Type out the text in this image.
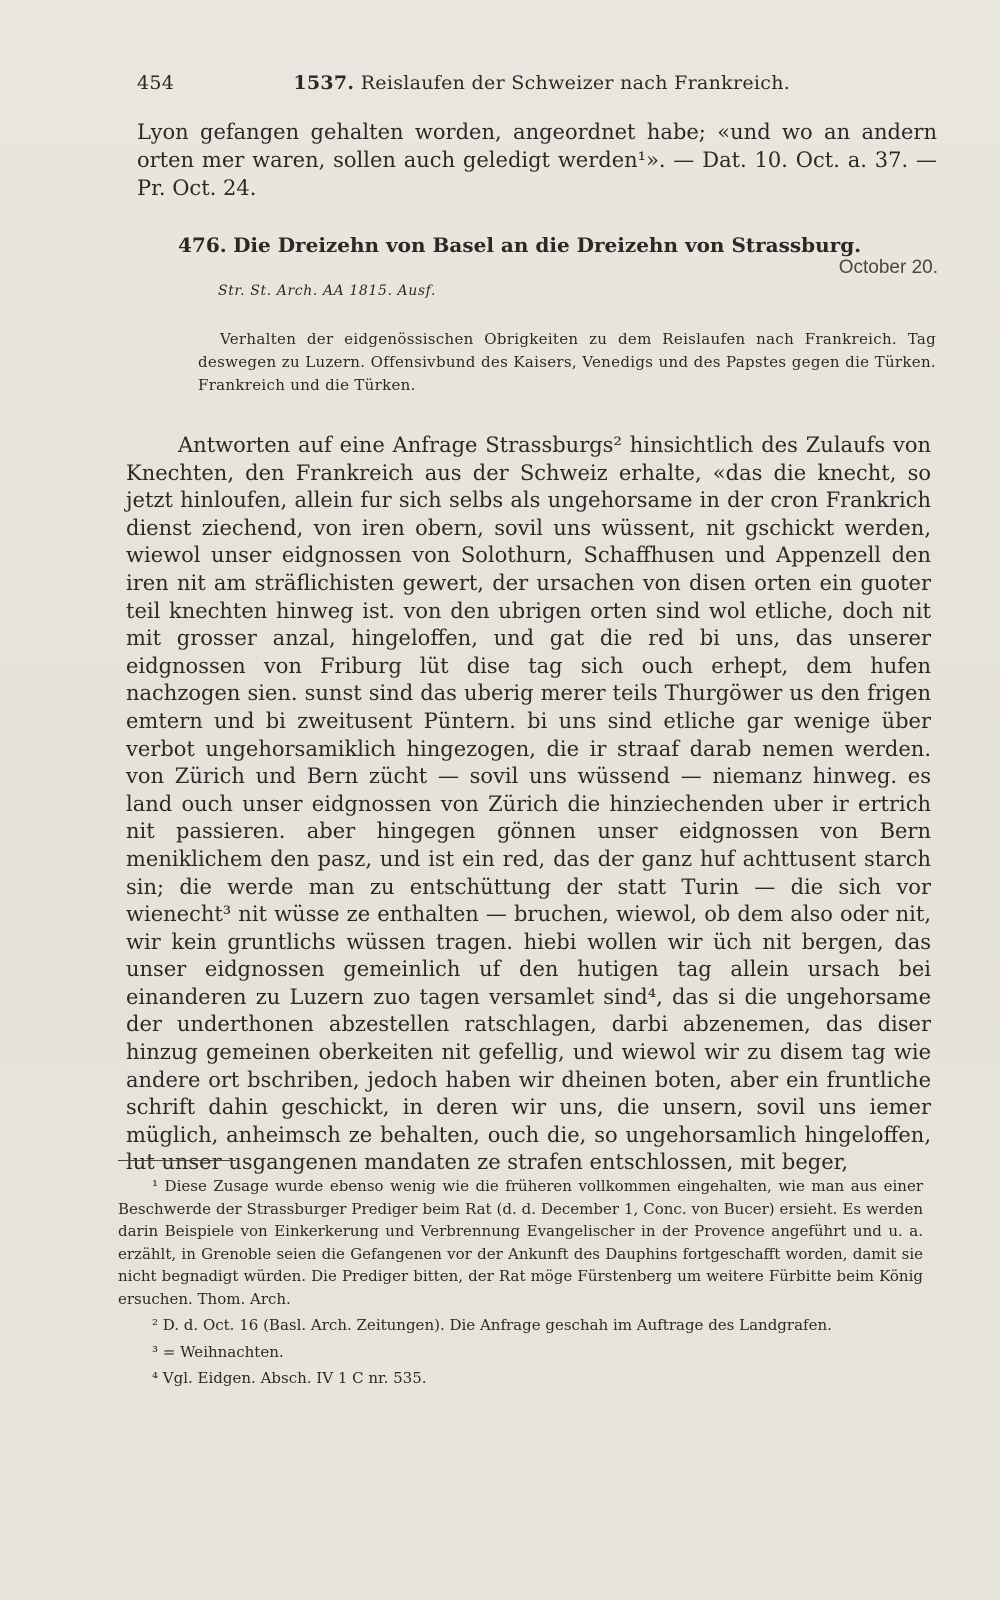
454	1537. Reislaufen der Schweizer nach Frankreich.
Lyon gefangen gehalten worden, angeordnet habe; «und wo an andern orten mer waren, sollen auch geledigt werden¹». — Dat. 10. Oct. a. 37. — Pr. Oct. 24.
476. Die Dreizehn von Basel an die Dreizehn von Strassburg.
October 20.
Str. St. Arch. AA 1815. Ausf.
Verhalten der eidgenössischen Obrigkeiten zu dem Reislaufen nach Frankreich. Tag deswegen zu Luzern. Offensivbund des Kaisers, Venedigs und des Papstes gegen die Türken. Frankreich und die Türken.
Antworten auf eine Anfrage Strassburgs² hinsichtlich des Zulaufs von Knechten, den Frankreich aus der Schweiz erhalte, «das die knecht, so jetzt hinloufen, allein fur sich selbs als ungehorsame in der cron Frankrich dienst ziechend, von iren obern, sovil uns wüssent, nit gschickt werden, wiewol unser eidgnossen von Solothurn, Schaffhusen und Appenzell den iren nit am sträflichisten gewert, der ursachen von disen orten ein guoter teil knechten hinweg ist. von den ubrigen orten sind wol etliche, doch nit mit grosser anzal, hingeloffen, und gat die red bi uns, das unserer eidgnossen von Friburg lüt dise tag sich ouch erhept, dem hufen nachzogen sien. sunst sind das uberig merer teils Thurgöwer us den frigen emtern und bi zweitusent Püntern. bi uns sind etliche gar wenige über verbot ungehorsamiklich hingezogen, die ir straaf darab nemen werden. von Zürich und Bern zücht — sovil uns wüssend — niemanz hinweg. es land ouch unser eidgnossen von Zürich die hinziechenden uber ir ertrich nit passieren. aber hingegen gönnen unser eidgnossen von Bern meniklichem den pasz, und ist ein red, das der ganz huf achttusent starch sin; die werde man zu entschüttung der statt Turin — die sich vor wienecht³ nit wüsse ze enthalten — bruchen, wiewol, ob dem also oder nit, wir kein gruntlichs wüssen tragen. hiebi wollen wir üch nit bergen, das unser eidgnossen gemeinlich uf den hutigen tag allein ursach bei einanderen zu Luzern zuo tagen versamlet sind⁴, das si die ungehorsame der underthonen abzestellen ratschlagen, darbi abzenemen, das diser hinzug gemeinen oberkeiten nit gefellig, und wiewol wir zu disem tag wie andere ort bschriben, jedoch haben wir dheinen boten, aber ein fruntliche schrift dahin geschickt, in deren wir uns, die unsern, sovil uns iemer müglich, anheimsch ze behalten, ouch die, so ungehorsamlich hingeloffen, lut unser usgangenen mandaten ze strafen entschlossen, mit beger,

¹ Diese Zusage wurde ebenso wenig wie die früheren vollkommen eingehalten, wie man aus einer Beschwerde der Strassburger Prediger beim Rat (d. d. December 1, Conc. von Bucer) ersieht. Es werden darin Beispiele von Einkerkerung und Verbrennung Evangelischer in der Provence angeführt und u. a. erzählt, in Grenoble seien die Gefangenen vor der Ankunft des Dauphins fortgeschafft worden, damit sie nicht begnadigt würden. Die Prediger bitten, der Rat möge Fürstenberg um weitere Fürbitte beim König ersuchen. Thom. Arch.

² D. d. Oct. 16 (Basl. Arch. Zeitungen). Die Anfrage geschah im Auftrage des Landgrafen.

³ = Weihnachten.

⁴ Vgl. Eidgen. Absch. IV 1 C nr. 535.
